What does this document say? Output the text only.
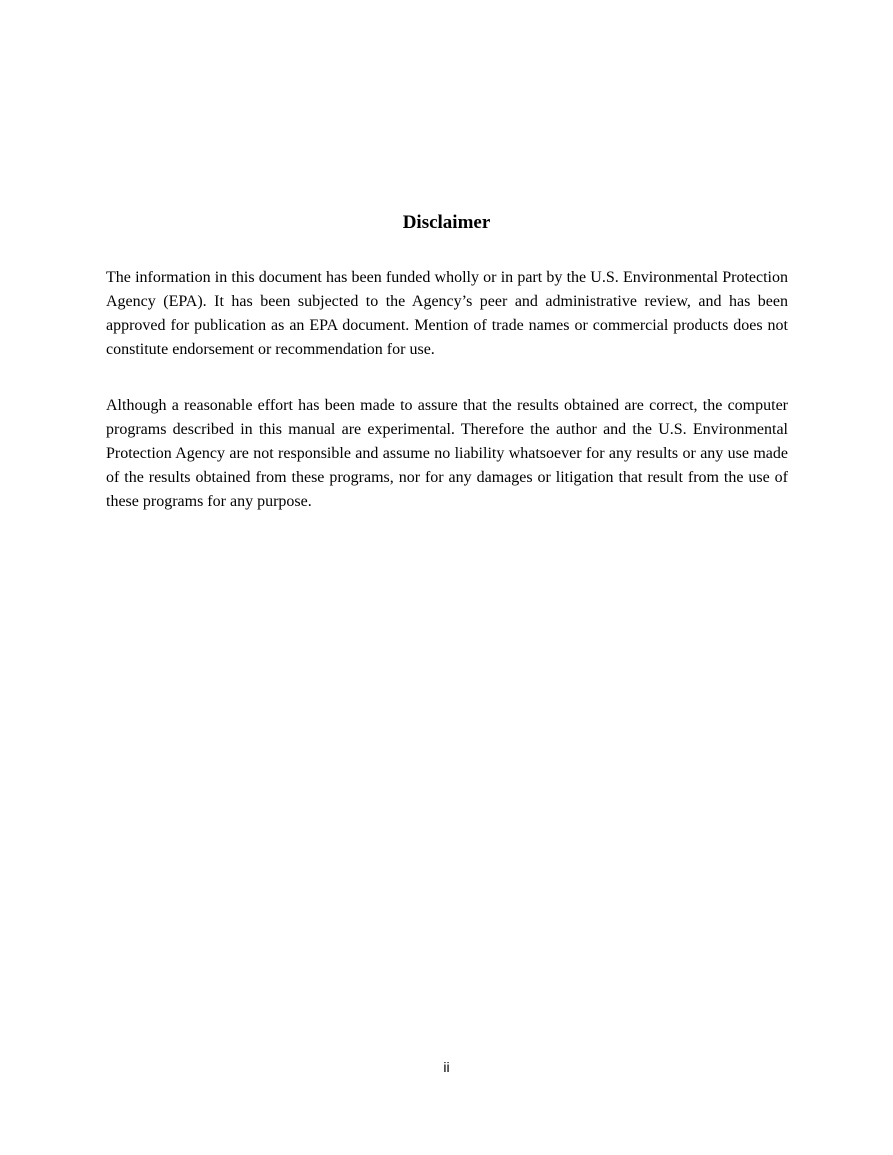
Disclaimer

The information in this document has been funded wholly or in part by the U.S. Environmental Protection Agency (EPA). It has been subjected to the Agency’s peer and administrative review, and has been approved for publication as an EPA document. Mention of trade names or commercial products does not constitute endorsement or recommendation for use.

Although a reasonable effort has been made to assure that the results obtained are correct, the computer programs described in this manual are experimental. Therefore the author and the U.S. Environmental Protection Agency are not responsible and assume no liability whatsoever for any results or any use made of the results obtained from these programs, nor for any damages or litigation that result from the use of these programs for any purpose.

ii
